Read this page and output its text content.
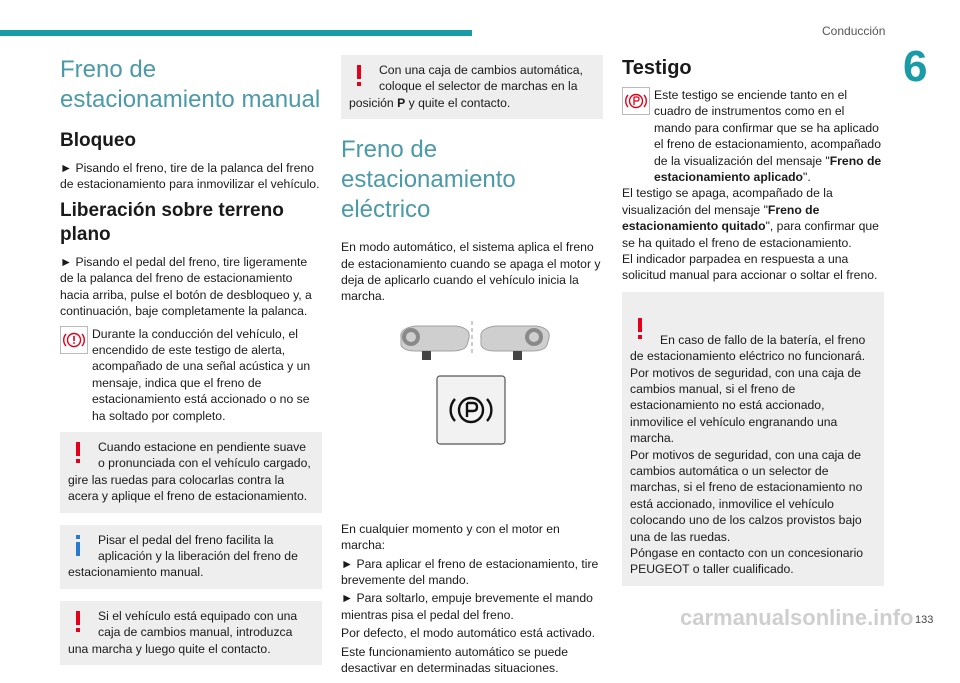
Conducción
6
Freno de estacionamiento manual
Bloqueo
► Pisando el freno, tire de la palanca del freno de estacionamiento para inmovilizar el vehículo.
Liberación sobre terreno plano
► Pisando el pedal del freno, tire ligeramente de la palanca del freno de estacionamiento hacia arriba, pulse el botón de desbloqueo y, a continuación, baje completamente la palanca.
Durante la conducción del vehículo, el encendido de este testigo de alerta, acompañado de una señal acústica y un mensaje, indica que el freno de estacionamiento está accionado o no se ha soltado por completo.
Cuando estacione en pendiente suave o pronunciada con el vehículo cargado, gire las ruedas para colocarlas contra la acera y aplique el freno de estacionamiento.
Pisar el pedal del freno facilita la aplicación y la liberación del freno de estacionamiento manual.
Si el vehículo está equipado con una caja de cambios manual, introduzca una marcha y luego quite el contacto.
Con una caja de cambios automática, coloque el selector de marchas en la posición P y quite el contacto.
Freno de estacionamiento eléctrico
En modo automático, el sistema aplica el freno de estacionamiento cuando se apaga el motor y deja de aplicarlo cuando el vehículo inicia la marcha.
En cualquier momento y con el motor en marcha:
► Para aplicar el freno de estacionamiento, tire brevemente del mando.
► Para soltarlo, empuje brevemente el mando mientras pisa el pedal del freno.
Por defecto, el modo automático está activado.
Este funcionamiento automático se puede desactivar en determinadas situaciones.
Testigo
Este testigo se enciende tanto en el cuadro de instrumentos como en el mando para confirmar que se ha aplicado el freno de estacionamiento, acompañado de la visualización del mensaje "Freno de estacionamiento aplicado".
El testigo se apaga, acompañado de la visualización del mensaje "Freno de estacionamiento quitado", para confirmar que se ha quitado el freno de estacionamiento.
El indicador parpadea en respuesta a una solicitud manual para accionar o soltar el freno.

En caso de fallo de la batería, el freno de estacionamiento eléctrico no funcionará.
Por motivos de seguridad, con una caja de cambios manual, si el freno de estacionamiento no está accionado, inmovilice el vehículo engranando una marcha.
Por motivos de seguridad, con una caja de cambios automática o un selector de marchas, si el freno de estacionamiento no está accionado, inmovilice el vehículo colocando uno de los calzos provistos bajo una de las ruedas.
Póngase en contacto con un concesionario PEUGEOT o taller cualificado.

carmanualsonline.info 133
